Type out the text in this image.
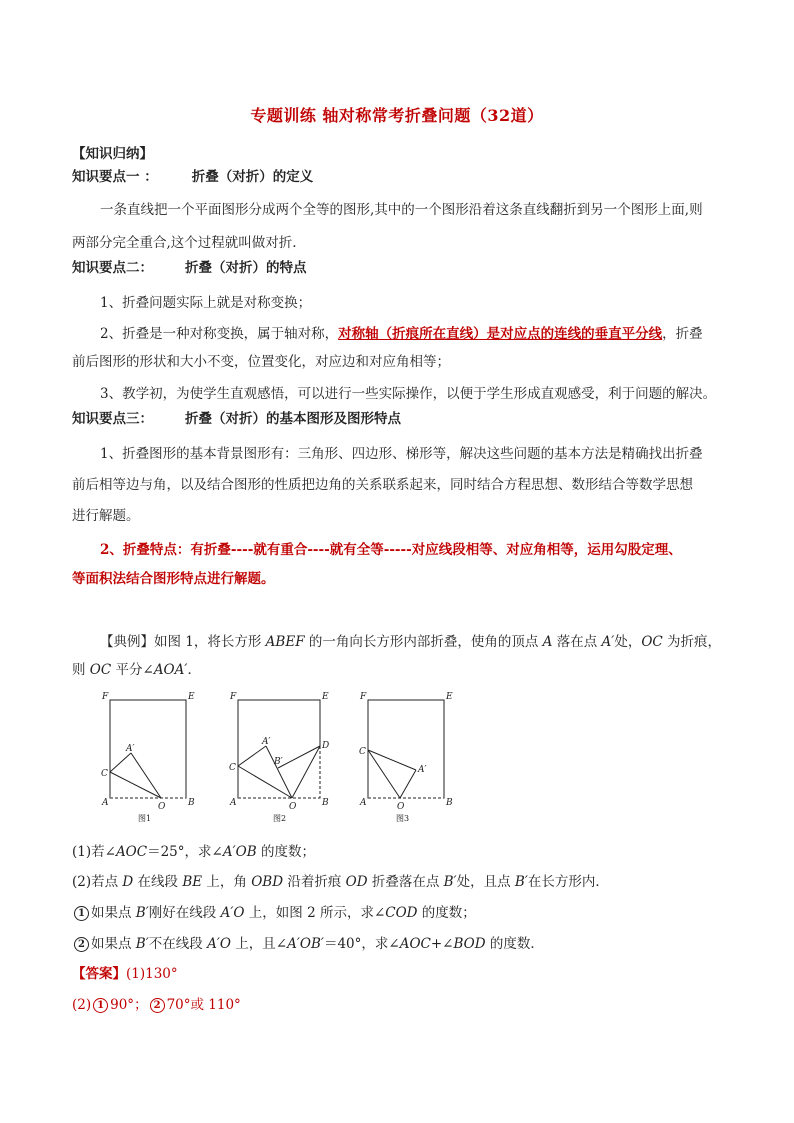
专题训练 轴对称常考折叠问题（32道）
【知识归纳】
知识要点一 ：	折叠（对折）的定义
一条直线把一个平面图形分成两个全等的图形,其中的一个图形沿着这条直线翻折到另一个图形上面,则
两部分完全重合,这个过程就叫做对折.
知识要点二： 折叠（对折）的特点
1、折叠问题实际上就是对称变换；
2、折叠是一种对称变换，属于轴对称，对称轴（折痕所在直线）是对应点的连线的垂直平分线，折叠
前后图形的形状和大小不变，位置变化，对应边和对应角相等；
3、教学初，为使学生直观感悟，可以进行一些实际操作，以便于学生形成直观感受，利于问题的解决。
知识要点三： 折叠（对折）的基本图形及图形特点
1、折叠图形的基本背景图形有：三角形、四边形、梯形等，解决这些问题的基本方法是精确找出折叠
前后相等边与角，以及结合图形的性质把边角的关系联系起来，同时结合方程思想、数形结合等数学思想
进行解题。
2、折叠特点：有折叠----就有重合----就有全等-----对应线段相等、对应角相等，运用勾股定理、
等面积法结合图形特点进行解题。
【典例】如图 1，将长方形 ABEF 的一角向长方形内部折叠，使角的顶点 A 落在点 A′处，OC 为折痕，
则 OC 平分∠AOA′．
F	E
C
A′
A	O	B
图1
F	E
C
A′
B′
D
A	O	B
图2
F	E
C
A′
A	O	B
图3
(1)若∠AOC＝25°，求∠A′OB 的度数；
(2)若点 D 在线段 BE 上，角 OBD 沿着折痕 OD 折叠落在点 B′处，且点 B′在长方形内．
1 如果点 B′刚好在线段 A′O 上，如图 2 所示，求∠COD 的度数；
2 如果点 B′不在线段 A′O 上，且∠A′OB′＝40°，求∠AOC+∠BOD 的度数．
【答案】(1)130°
(2) 1 90°； 2 70°或 110°
